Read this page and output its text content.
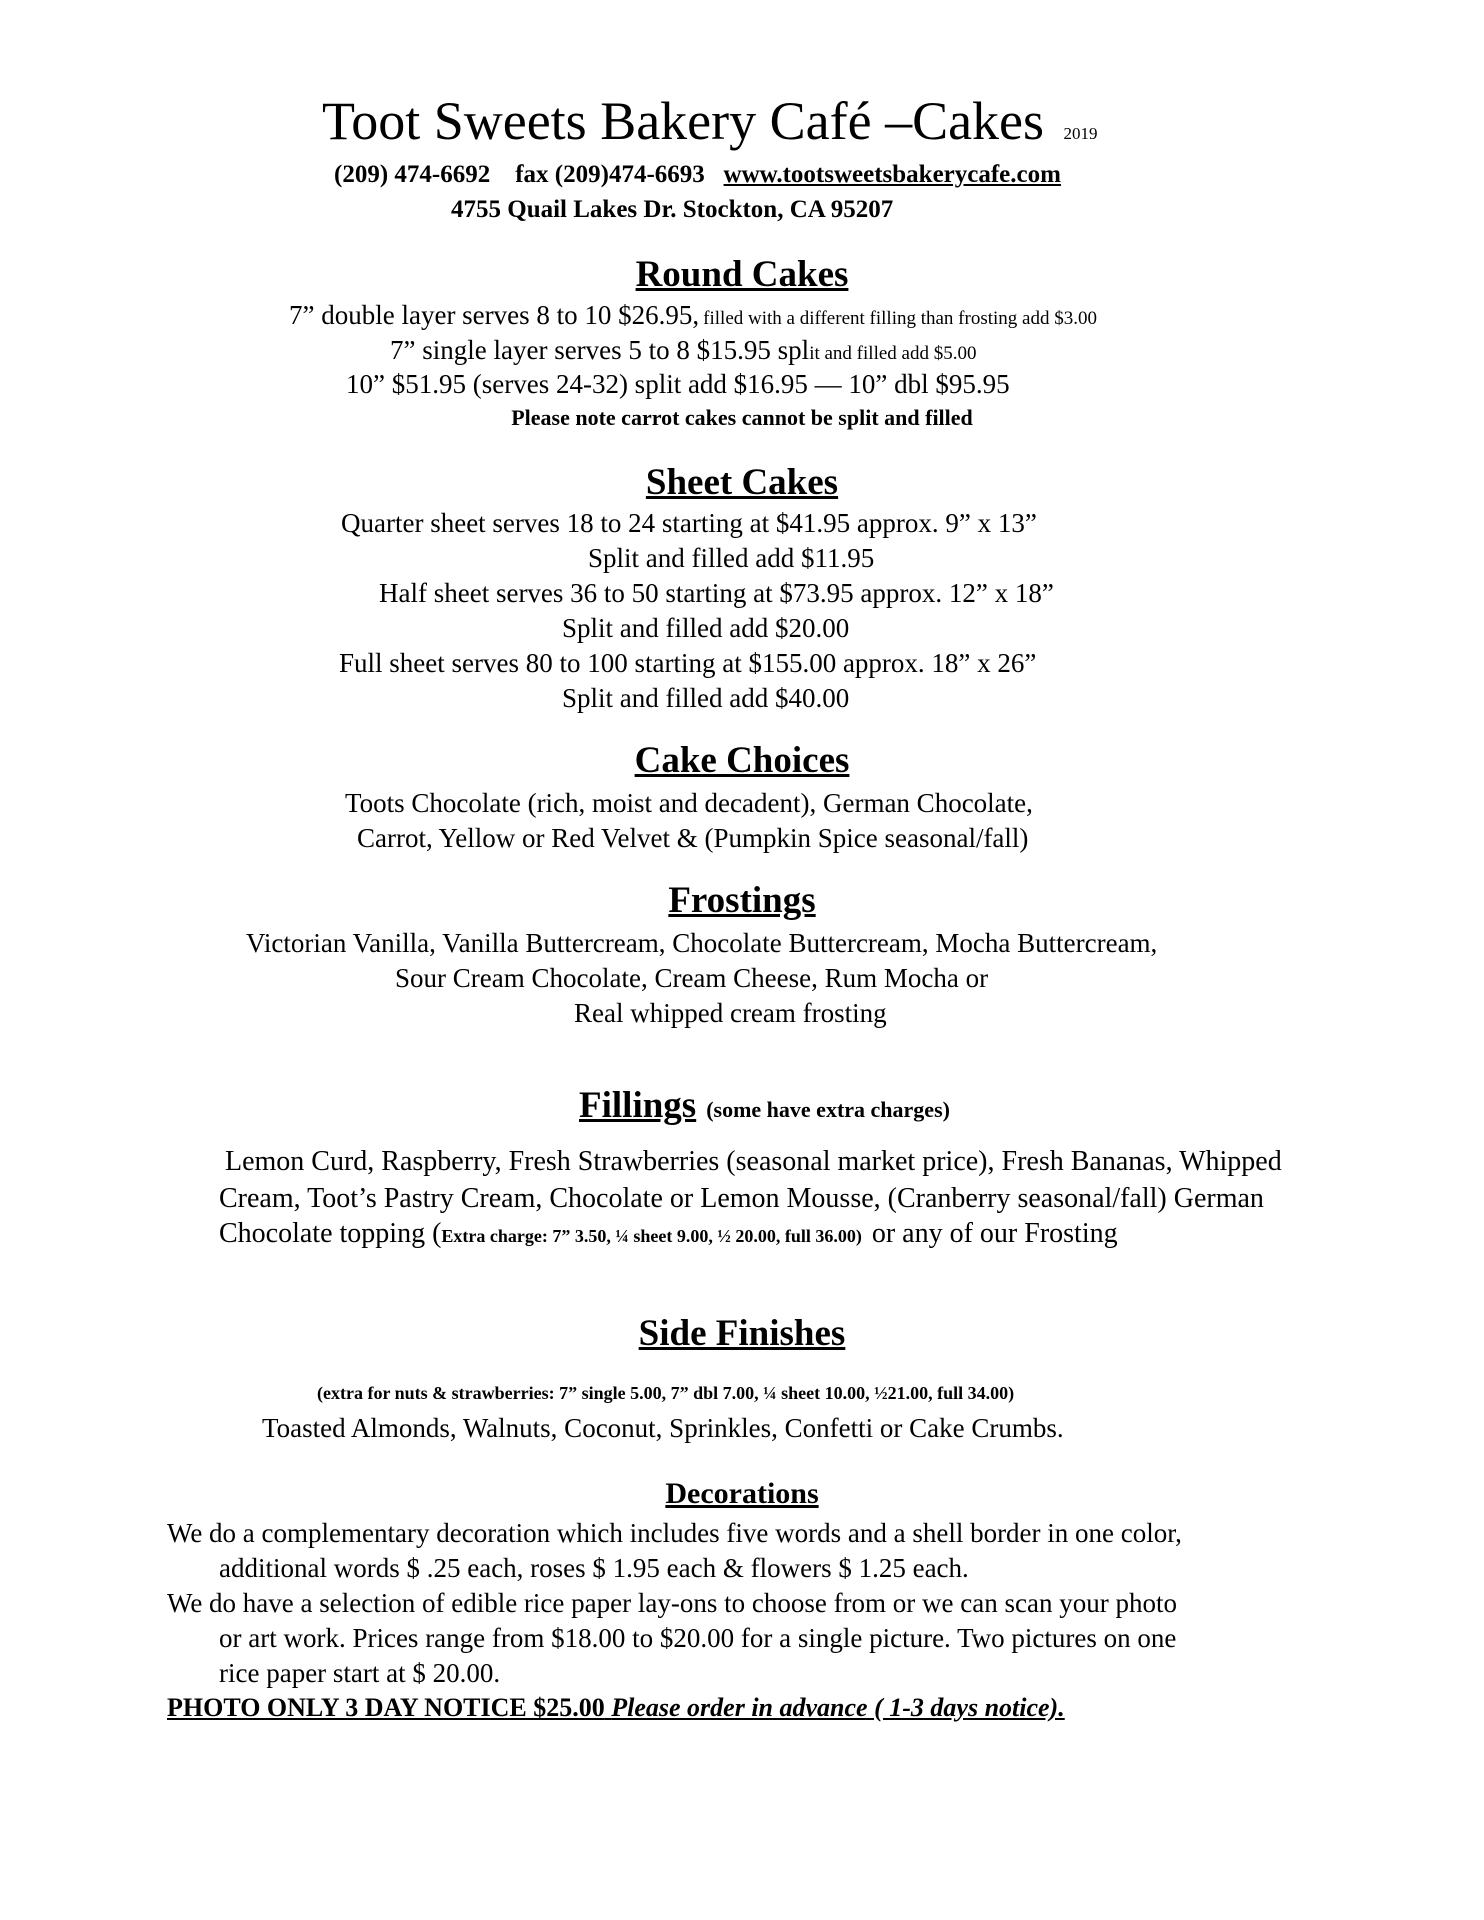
Toot Sweets Bakery Café –Cakes 2019
(209) 474-6692 fax (209)474-6693 www.tootsweetsbakerycafe.com
4755 Quail Lakes Dr. Stockton, CA 95207
Round Cakes
7” double layer serves 8 to 10 $26.95, filled with a different filling than frosting add $3.00
7” single layer serves 5 to 8 $15.95 split and filled add $5.00
10” $51.95 (serves 24-32) split add $16.95 — 10” dbl $95.95
Please note carrot cakes cannot be split and filled
Sheet Cakes
Quarter sheet serves 18 to 24 starting at $41.95 approx. 9” x 13”
Split and filled add $11.95
Half sheet serves 36 to 50 starting at $73.95 approx. 12” x 18”
Split and filled add $20.00
Full sheet serves 80 to 100 starting at $155.00 approx. 18” x 26”
Split and filled add $40.00
Cake Choices
Toots Chocolate (rich, moist and decadent), German Chocolate,
Carrot, Yellow or Red Velvet & (Pumpkin Spice seasonal/fall)
Frostings
Victorian Vanilla, Vanilla Buttercream, Chocolate Buttercream, Mocha Buttercream,
Sour Cream Chocolate, Cream Cheese, Rum Mocha or
Real whipped cream frosting
Fillings (some have extra charges)
Lemon Curd, Raspberry, Fresh Strawberries (seasonal market price), Fresh Bananas, Whipped
Cream, Toot’s Pastry Cream, Chocolate or Lemon Mousse, (Cranberry seasonal/fall) German
Chocolate topping (Extra charge: 7” 3.50, ¼ sheet 9.00, ½ 20.00, full 36.00) or any of our Frosting
Side Finishes
(extra for nuts & strawberries: 7” single 5.00, 7” dbl 7.00, ¼ sheet 10.00, ½21.00, full 34.00)
Toasted Almonds, Walnuts, Coconut, Sprinkles, Confetti or Cake Crumbs.
Decorations
We do a complementary decoration which includes five words and a shell border in one color,
additional words $ .25 each, roses $ 1.95 each & flowers $ 1.25 each.
We do have a selection of edible rice paper lay-ons to choose from or we can scan your photo
or art work. Prices range from $18.00 to $20.00 for a single picture. Two pictures on one
rice paper start at $ 20.00.
PHOTO ONLY 3 DAY NOTICE $25.00 Please order in advance ( 1-3 days notice).
